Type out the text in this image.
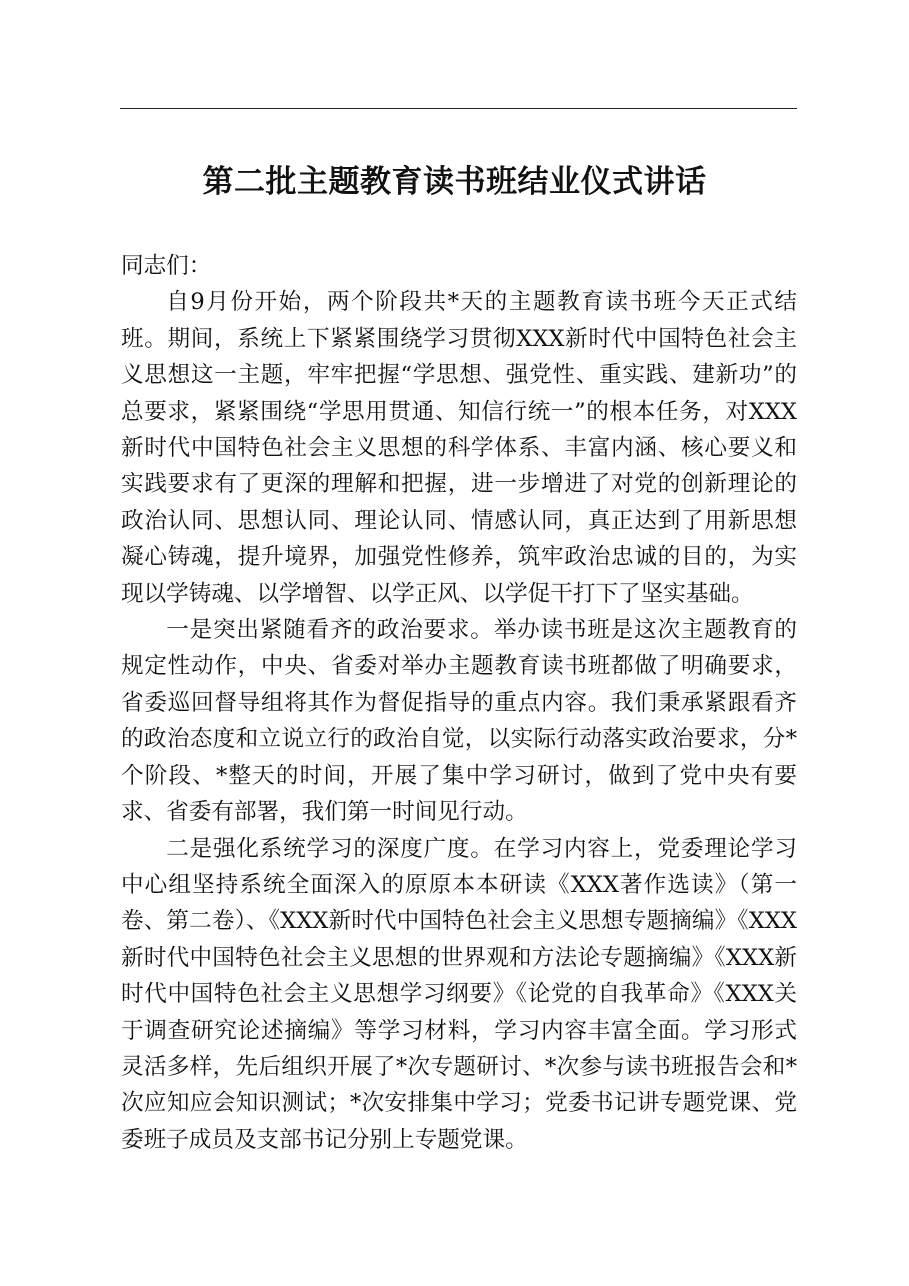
第二批主题教育读书班结业仪式讲话

同志们：

自9月份开始，两个阶段共*天的主题教育读书班今天正式结班。期间，系统上下紧紧围绕学习贯彻XXX新时代中国特色社会主义思想这一主题，牢牢把握“学思想、强党性、重实践、建新功”的总要求，紧紧围绕“学思用贯通、知信行统一”的根本任务，对XXX新时代中国特色社会主义思想的科学体系、丰富内涵、核心要义和实践要求有了更深的理解和把握，进一步增进了对党的创新理论的政治认同、思想认同、理论认同、情感认同，真正达到了用新思想凝心铸魂，提升境界，加强党性修养，筑牢政治忠诚的目的，为实现以学铸魂、以学增智、以学正风、以学促干打下了坚实基础。

一是突出紧随看齐的政治要求。举办读书班是这次主题教育的规定性动作，中央、省委对举办主题教育读书班都做了明确要求，省委巡回督导组将其作为督促指导的重点内容。我们秉承紧跟看齐的政治态度和立说立行的政治自觉，以实际行动落实政治要求，分*个阶段、*整天的时间，开展了集中学习研讨，做到了党中央有要求、省委有部署，我们第一时间见行动。

二是强化系统学习的深度广度。在学习内容上，党委理论学习中心组坚持系统全面深入的原原本本研读《XXX著作选读》（第一卷、第二卷）、《XXX新时代中国特色社会主义思想专题摘编》《XXX新时代中国特色社会主义思想的世界观和方法论专题摘编》《XXX新时代中国特色社会主义思想学习纲要》《论党的自我革命》《XXX关于调查研究论述摘编》等学习材料，学习内容丰富全面。学习形式灵活多样，先后组织开展了*次专题研讨、*次参与读书班报告会和*次应知应会知识测试；*次安排集中学习；党委书记讲专题党课、党委班子成员及支部书记分别上专题党课。
